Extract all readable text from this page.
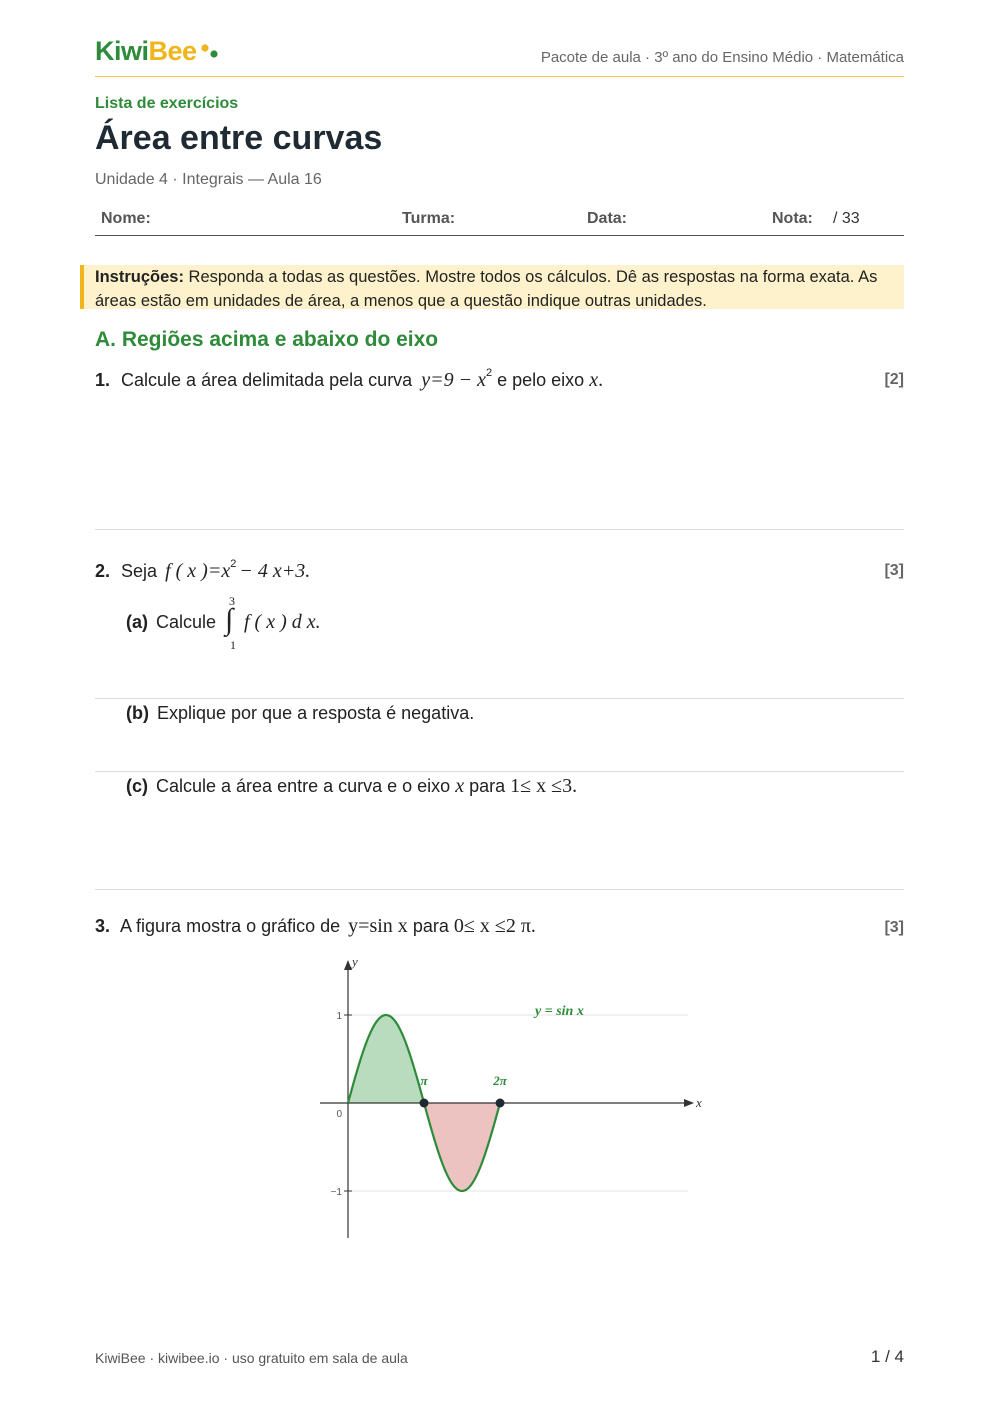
KiwiBee	Pacote de aula · 3º ano do Ensino Médio · Matemática
Lista de exercícios
Área entre curvas
Unidade 4 · Integrais — Aula 16
Nome:	Turma:	Data:	Nota: / 33
Instruções: Responda a todas as questões. Mostre todos os cálculos. Dê as respostas na forma exata. As áreas estão em unidades de área, a menos que a questão indique outras unidades.
A. Regiões acima e abaixo do eixo
1. Calcule a área delimitada pela curva $y=9 - x^2$ e pelo eixo x.	[2]
2. Seja f ( x )$=x^2 - 4$ x+3.	[3]
(a) Calcule
3
∫
1
f ( x ) d x.
(b) Explique por que a resposta é negativa.
(c) Calcule a área entre a curva e o eixo x para 1≤ x ≤3.
3. A figura mostra o gráfico de y=sin x para 0≤ x ≤2 π.	[3]
x
y
1
0
−1
π	2π
y = sin x
KiwiBee · kiwibee.io · uso gratuito em sala de aula	1 / 4
